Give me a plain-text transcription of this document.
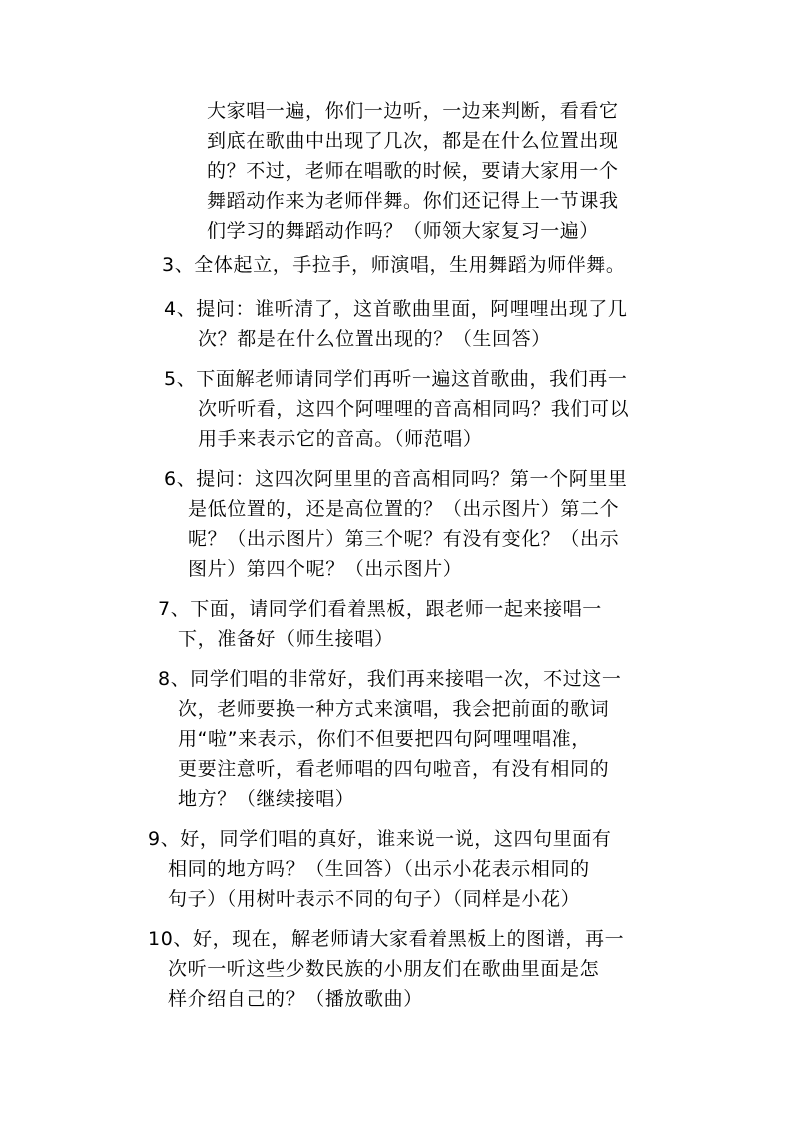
大家唱一遍，你们一边听，一边来判断，看看它
到底在歌曲中出现了几次，都是在什么位置出现
的？不过，老师在唱歌的时候，要请大家用一个
舞蹈动作来为老师伴舞。你们还记得上一节课我
们学习的舞蹈动作吗？（师领大家复习一遍）
3、全体起立，手拉手，师演唱，生用舞蹈为师伴舞。
4、提问：谁听清了，这首歌曲里面，阿哩哩出现了几
次？都是在什么位置出现的？（生回答）
5、下面解老师请同学们再听一遍这首歌曲，我们再一
次听听看，这四个阿哩哩的音高相同吗？我们可以
用手来表示它的音高。（师范唱）
6、提问：这四次阿里里的音高相同吗？第一个阿里里
是低位置的，还是高位置的？（出示图片）第二个
呢？（出示图片）第三个呢？有没有变化？（出示
图片）第四个呢？（出示图片）
7、下面，请同学们看着黑板，跟老师一起来接唱一
下，准备好（师生接唱）
8、同学们唱的非常好，我们再来接唱一次，不过这一
次，老师要换一种方式来演唱，我会把前面的歌词
用“啦”来表示，你们不但要把四句阿哩哩唱准，
更要注意听，看老师唱的四句啦音，有没有相同的
地方？（继续接唱）
9、好，同学们唱的真好，谁来说一说，这四句里面有
相同的地方吗？（生回答）（出示小花表示相同的
句子）（用树叶表示不同的句子）（同样是小花）
10、好，现在，解老师请大家看着黑板上的图谱，再一
次听一听这些少数民族的小朋友们在歌曲里面是怎
样介绍自己的？（播放歌曲）
